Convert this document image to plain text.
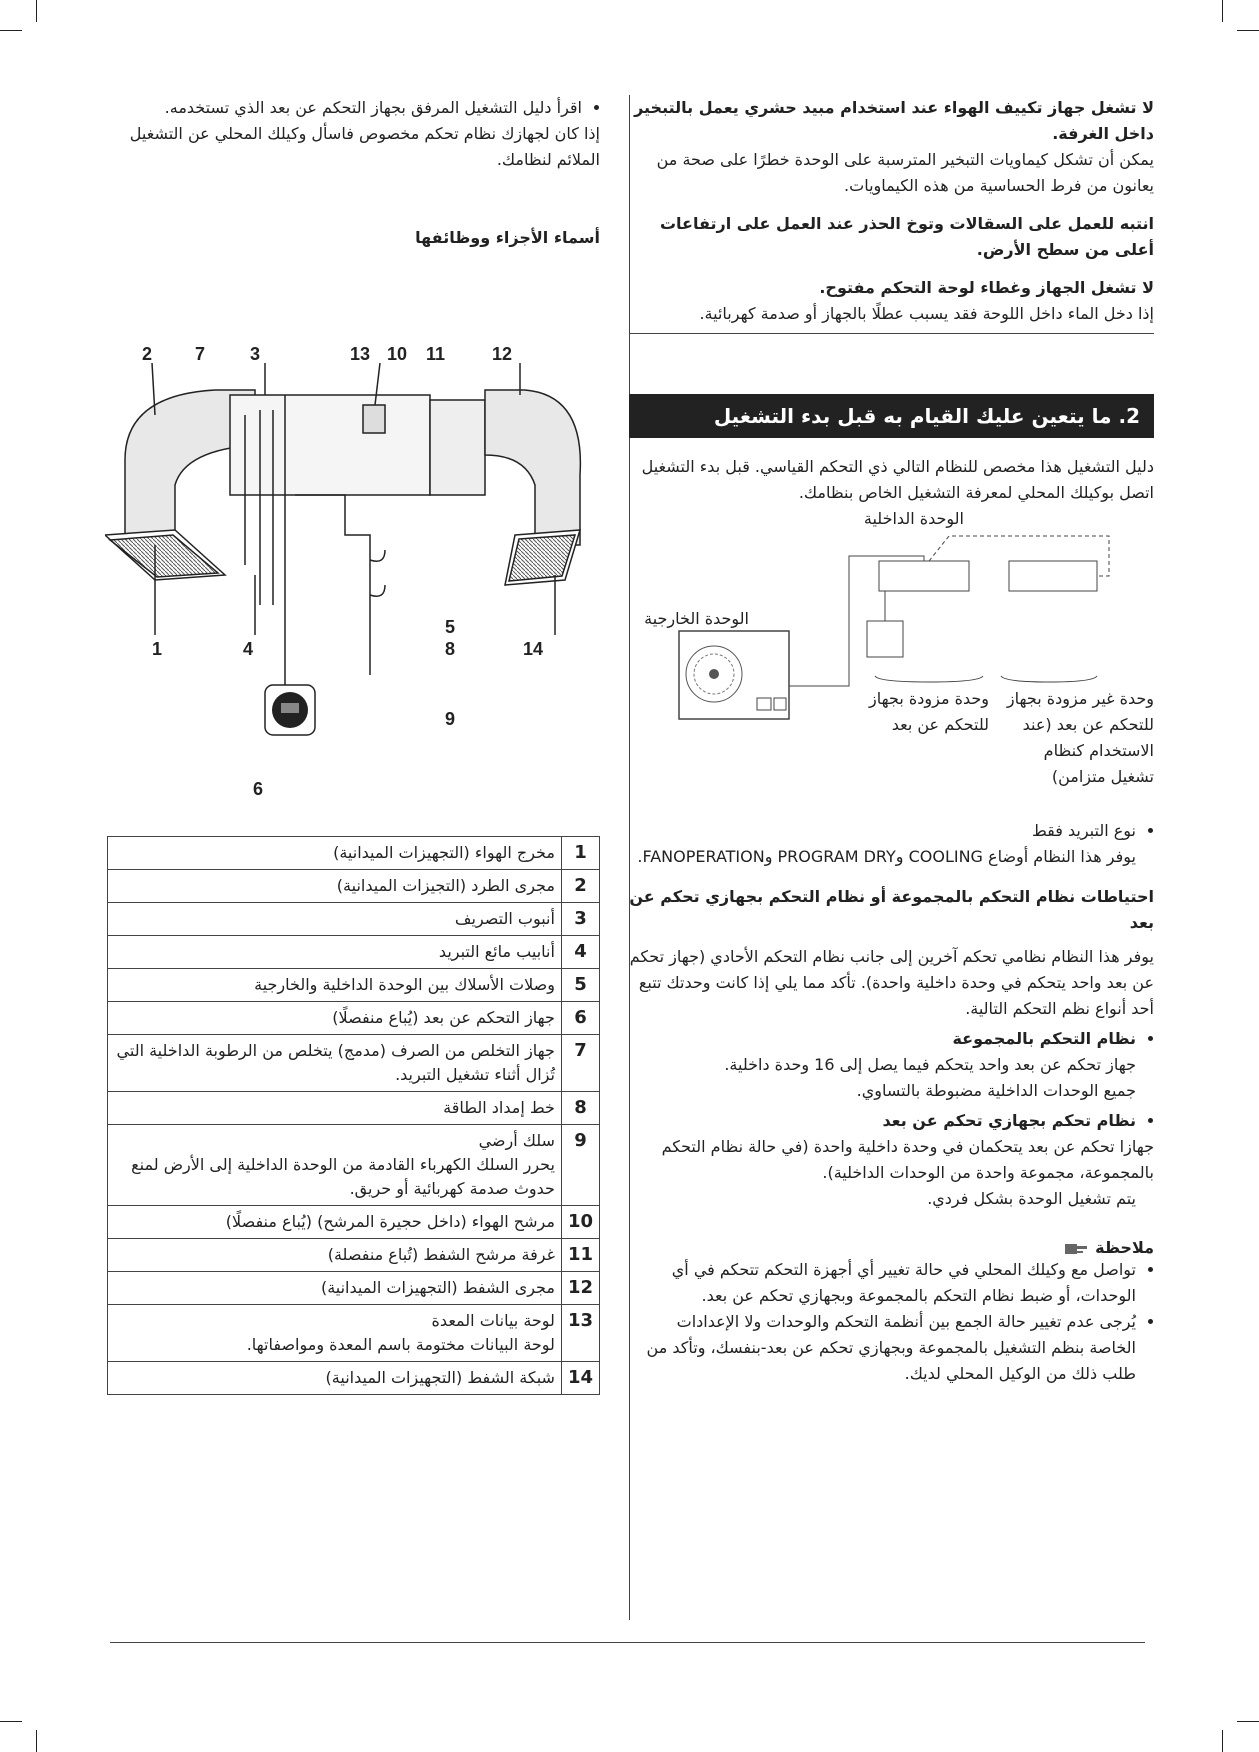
لا تشغل جهاز تكييف الهواء عند استخدام مبيد حشري يعمل بالتبخير داخل الغرفة.

يمكن أن تشكل كيماويات التبخير المترسبة على الوحدة خطرًا على صحة من يعانون من فرط الحساسية من هذه الكيماويات.

انتبه للعمل على السقالات وتوخ الحذر عند العمل على ارتفاعات أعلى من سطح الأرض.

لا تشغل الجهاز وغطاء لوحة التحكم مفتوح.

إذا دخل الماء داخل اللوحة فقد يسبب عطلًا بالجهاز أو صدمة كهربائية.

2. ما يتعين عليك القيام به قبل بدء التشغيل

دليل التشغيل هذا مخصص للنظام التالي ذي التحكم القياسي. قبل بدء التشغيل اتصل بوكيلك المحلي لمعرفة التشغيل الخاص بنظامك.

الوحدة الداخلية

الوحدة الخارجية

وحدة مزودة بجهاز للتحكم عن بعد

وحدة غير مزودة بجهاز للتحكم عن بعد (عند الاستخدام كنظام تشغيل متزامن)

• نوع التبريد فقط

يوفر هذا النظام أوضاع COOLING وPROGRAM DRY وFANOPERATION.

احتياطات نظام التحكم بالمجموعة أو نظام التحكم بجهازي تحكم عن بعد

يوفر هذا النظام نظامي تحكم آخرين إلى جانب نظام التحكم الأحادي (جهاز تحكم عن بعد واحد يتحكم في وحدة داخلية واحدة). تأكد مما يلي إذا كانت وحدتك تتبع أحد أنواع نظم التحكم التالية.

• نظام التحكم بالمجموعة

جهاز تحكم عن بعد واحد يتحكم فيما يصل إلى 16 وحدة داخلية.

جميع الوحدات الداخلية مضبوطة بالتساوي.

• نظام تحكم بجهازي تحكم عن بعد

جهازا تحكم عن بعد يتحكمان في وحدة داخلية واحدة (في حالة نظام التحكم بالمجموعة، مجموعة واحدة من الوحدات الداخلية).

يتم تشغيل الوحدة بشكل فردي.

ملاحظة
• تواصل مع وكيلك المحلي في حالة تغيير أي أجهزة التحكم تتحكم في أي الوحدات، أو ضبط نظام التحكم بالمجموعة وبجهازي تحكم عن بعد.
• يُرجى عدم تغيير حالة الجمع بين أنظمة التحكم والوحدات ولا الإعدادات الخاصة بنظم التشغيل بالمجموعة وبجهازي تحكم عن بعد-بنفسك، وتأكد من طلب ذلك من الوكيل المحلي لديك.
• اقرأ دليل التشغيل المرفق بجهاز التحكم عن بعد الذي تستخدمه.

إذا كان لجهازك نظام تحكم مخصوص فاسأل وكيلك المحلي عن التشغيل الملائم لنظامك.

أسماء الأجزاء ووظائفها

2 7 3	13 10 11	12
1	4
5
8	14
9
6
1	مخرج الهواء (التجهيزات الميدانية)

2	مجرى الطرد (التجيزات الميدانية)

3	أنبوب التصريف

4	أنابيب مائع التبريد

5	وصلات الأسلاك بين الوحدة الداخلية والخارجية

6	جهاز التحكم عن بعد (يُباع منفصلًا)

7	جهاز التخلص من الصرف (مدمج) يتخلص من الرطوبة الداخلية التي تُزال أثناء تشغيل التبريد.

8	خط إمداد الطاقة

9	سلك أرضي
يحرر السلك الكهرباء القادمة من الوحدة الداخلية إلى الأرض لمنع حدوث صدمة كهربائية أو حريق.

10	مرشح الهواء (داخل حجيرة المرشح) (يُباع منفصلًا)

11	غرفة مرشح الشفط (تُباع منفصلة)

12	مجرى الشفط (التجهيزات الميدانية)

13	لوحة بيانات المعدة
لوحة البيانات مختومة باسم المعدة ومواصفاتها.

14	شبكة الشفط (التجهيزات الميدانية)
